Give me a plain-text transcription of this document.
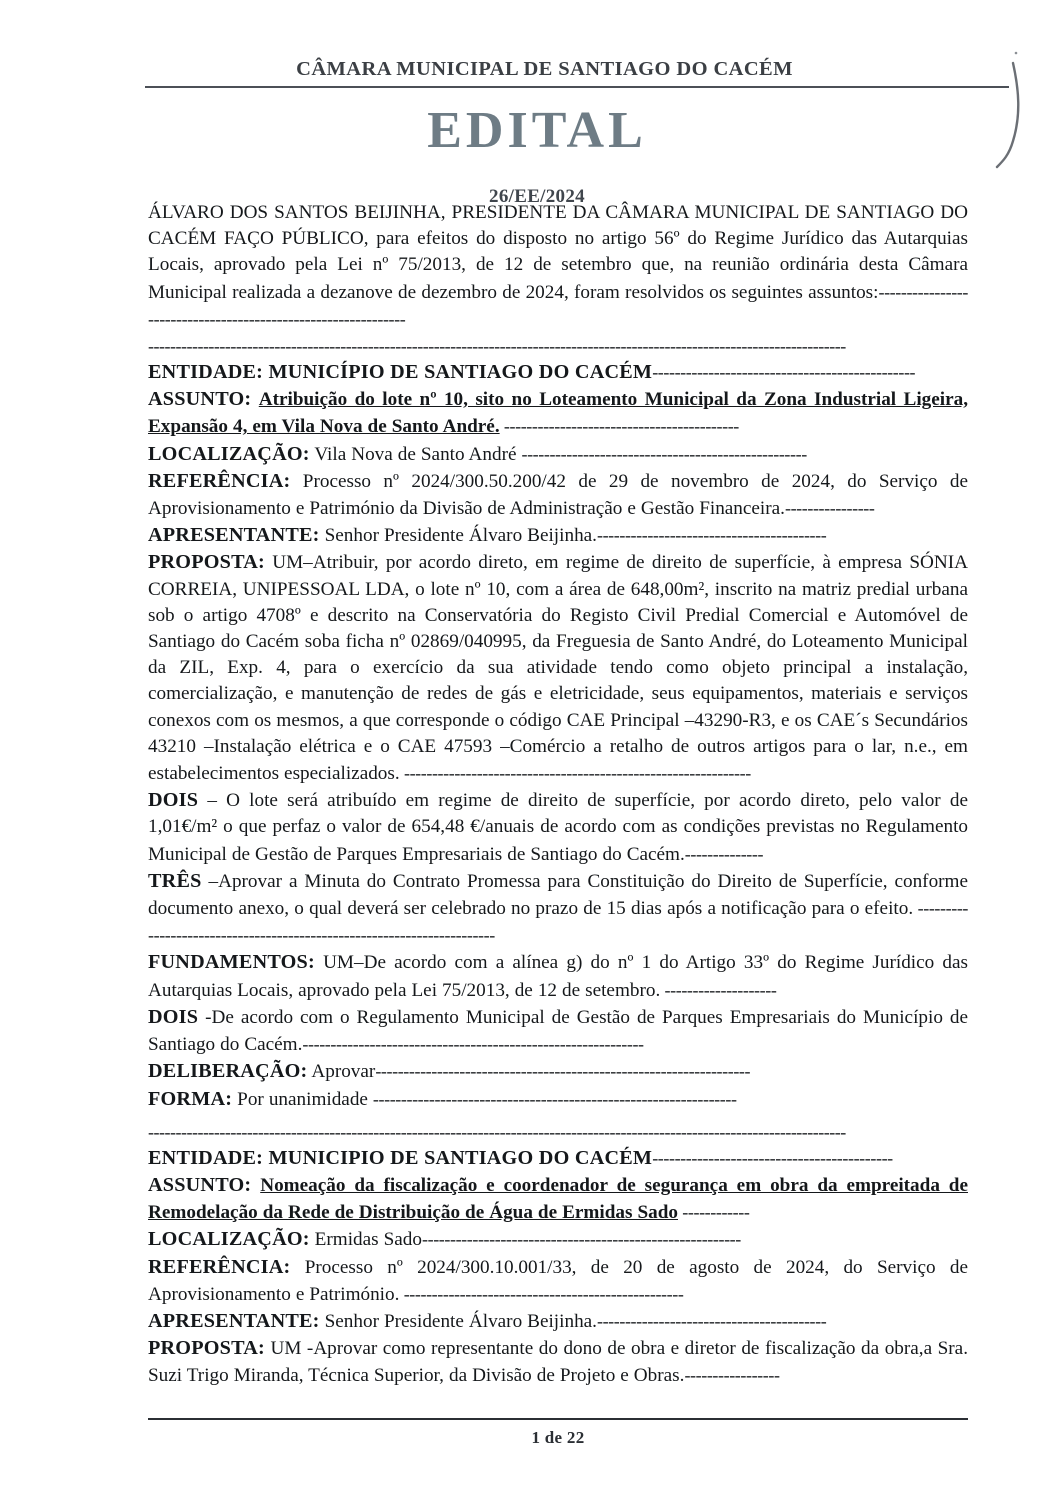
CÂMARA MUNICIPAL DE SANTIAGO DO CACÉM
EDITAL
26/EE/2024

ÁLVARO DOS SANTOS BEIJINHA, PRESIDENTE DA CÂMARA MUNICIPAL DE SANTIAGO DO CACÉM FAÇO PÚBLICO, para efeitos do disposto no artigo 56º do Regime Jurídico das Autarquias Locais, aprovado pela Lei nº 75/2013, de 12 de setembro que, na reunião ordinária desta Câmara Municipal realizada a dezanove de dezembro de 2024, foram resolvidos os seguintes assuntos:--------------------------------------------------------------

-------------------------------------------------------------------------------------------------------------------------------

ENTIDADE: MUNICÍPIO DE SANTIAGO DO CACÉM-----------------------------------------------

ASSUNTO: Atribuição do lote nº 10, sito no Loteamento Municipal da Zona Industrial Ligeira, Expansão 4, em Vila Nova de Santo André. ------------------------------------------

LOCALIZAÇÃO: Vila Nova de Santo André ---------------------------------------------------

REFERÊNCIA: Processo nº 2024/300.50.200/42 de 29 de novembro de 2024, do Serviço de Aprovisionamento e Património da Divisão de Administração e Gestão Financeira.----------------

APRESENTANTE: Senhor Presidente Álvaro Beijinha.-----------------------------------------

PROPOSTA: UM–Atribuir, por acordo direto, em regime de direito de superfície, à empresa SÓNIA CORREIA, UNIPESSOAL LDA, o lote nº 10, com a área de 648,00m², inscrito na matriz predial urbana sob o artigo 4708º e descrito na Conservatória do Registo Civil Predial Comercial e Automóvel de Santiago do Cacém soba ficha nº 02869/040995, da Freguesia de Santo André, do Loteamento Municipal da ZIL, Exp. 4, para o exercício da sua atividade tendo como objeto principal a instalação, comercialização, e manutenção de redes de gás e eletricidade, seus equipamentos, materiais e serviços conexos com os mesmos, a que corresponde o código CAE Principal –43290-R3, e os CAE´s Secundários 43210 –Instalação elétrica e o CAE 47593 –Comércio a retalho de outros artigos para o lar, n.e., em estabelecimentos especializados. --------------------------------------------------------------

DOIS – O lote será atribuído em regime de direito de superfície, por acordo direto, pelo valor de 1,01€/m² o que perfaz o valor de 654,48 €/anuais de acordo com as condições previstas no Regulamento Municipal de Gestão de Parques Empresariais de Santiago do Cacém.--------------

TRÊS –Aprovar a Minuta do Contrato Promessa para Constituição do Direito de Superfície, conforme documento anexo, o qual deverá ser celebrado no prazo de 15 dias após a notificação para o efeito. -----------------------------------------------------------------------

FUNDAMENTOS: UM–De acordo com a alínea g) do nº 1 do Artigo 33º do Regime Jurídico das Autarquias Locais, aprovado pela Lei 75/2013, de 12 de setembro. --------------------

DOIS -De acordo com o Regulamento Municipal de Gestão de Parques Empresariais do Município de Santiago do Cacém.-------------------------------------------------------------

DELIBERAÇÃO: Aprovar-------------------------------------------------------------------

FORMA: Por unanimidade -----------------------------------------------------------------

-------------------------------------------------------------------------------------------------------------------------------

ENTIDADE: MUNICIPIO DE SANTIAGO DO CACÉM-------------------------------------------

ASSUNTO: Nomeação da fiscalização e coordenador de segurança em obra da empreitada de Remodelação da Rede de Distribuição de Água de Ermidas Sado ------------

LOCALIZAÇÃO: Ermidas Sado---------------------------------------------------------

REFERÊNCIA: Processo nº 2024/300.10.001/33, de 20 de agosto de 2024, do Serviço de Aprovisionamento e Património. --------------------------------------------------

APRESENTANTE: Senhor Presidente Álvaro Beijinha.-----------------------------------------

PROPOSTA: UM -Aprovar como representante do dono de obra e diretor de fiscalização da obra,a Sra. Suzi Trigo Miranda, Técnica Superior, da Divisão de Projeto e Obras.-----------------

1 de 22
